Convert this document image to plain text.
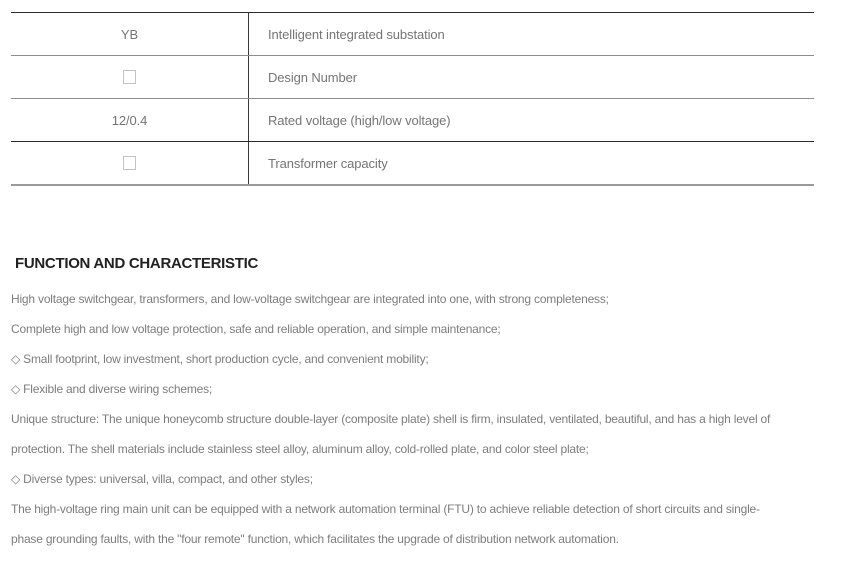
YB	Intelligent integrated substation
Design Number
12/0.4	Rated voltage (high/low voltage)
Transformer capacity
FUNCTION AND CHARACTERISTIC
High voltage switchgear, transformers, and low-voltage switchgear are integrated into one, with strong completeness;
Complete high and low voltage protection, safe and reliable operation, and simple maintenance;
◇ Small footprint, low investment, short production cycle, and convenient mobility;
◇ Flexible and diverse wiring schemes;
Unique structure: The unique honeycomb structure double-layer (composite plate) shell is firm, insulated, ventilated, beautiful, and has a high level of
protection. The shell materials include stainless steel alloy, aluminum alloy, cold-rolled plate, and color steel plate;
◇ Diverse types: universal, villa, compact, and other styles;
The high-voltage ring main unit can be equipped with a network automation terminal (FTU) to achieve reliable detection of short circuits and single-
phase grounding faults, with the "four remote" function, which facilitates the upgrade of distribution network automation.
